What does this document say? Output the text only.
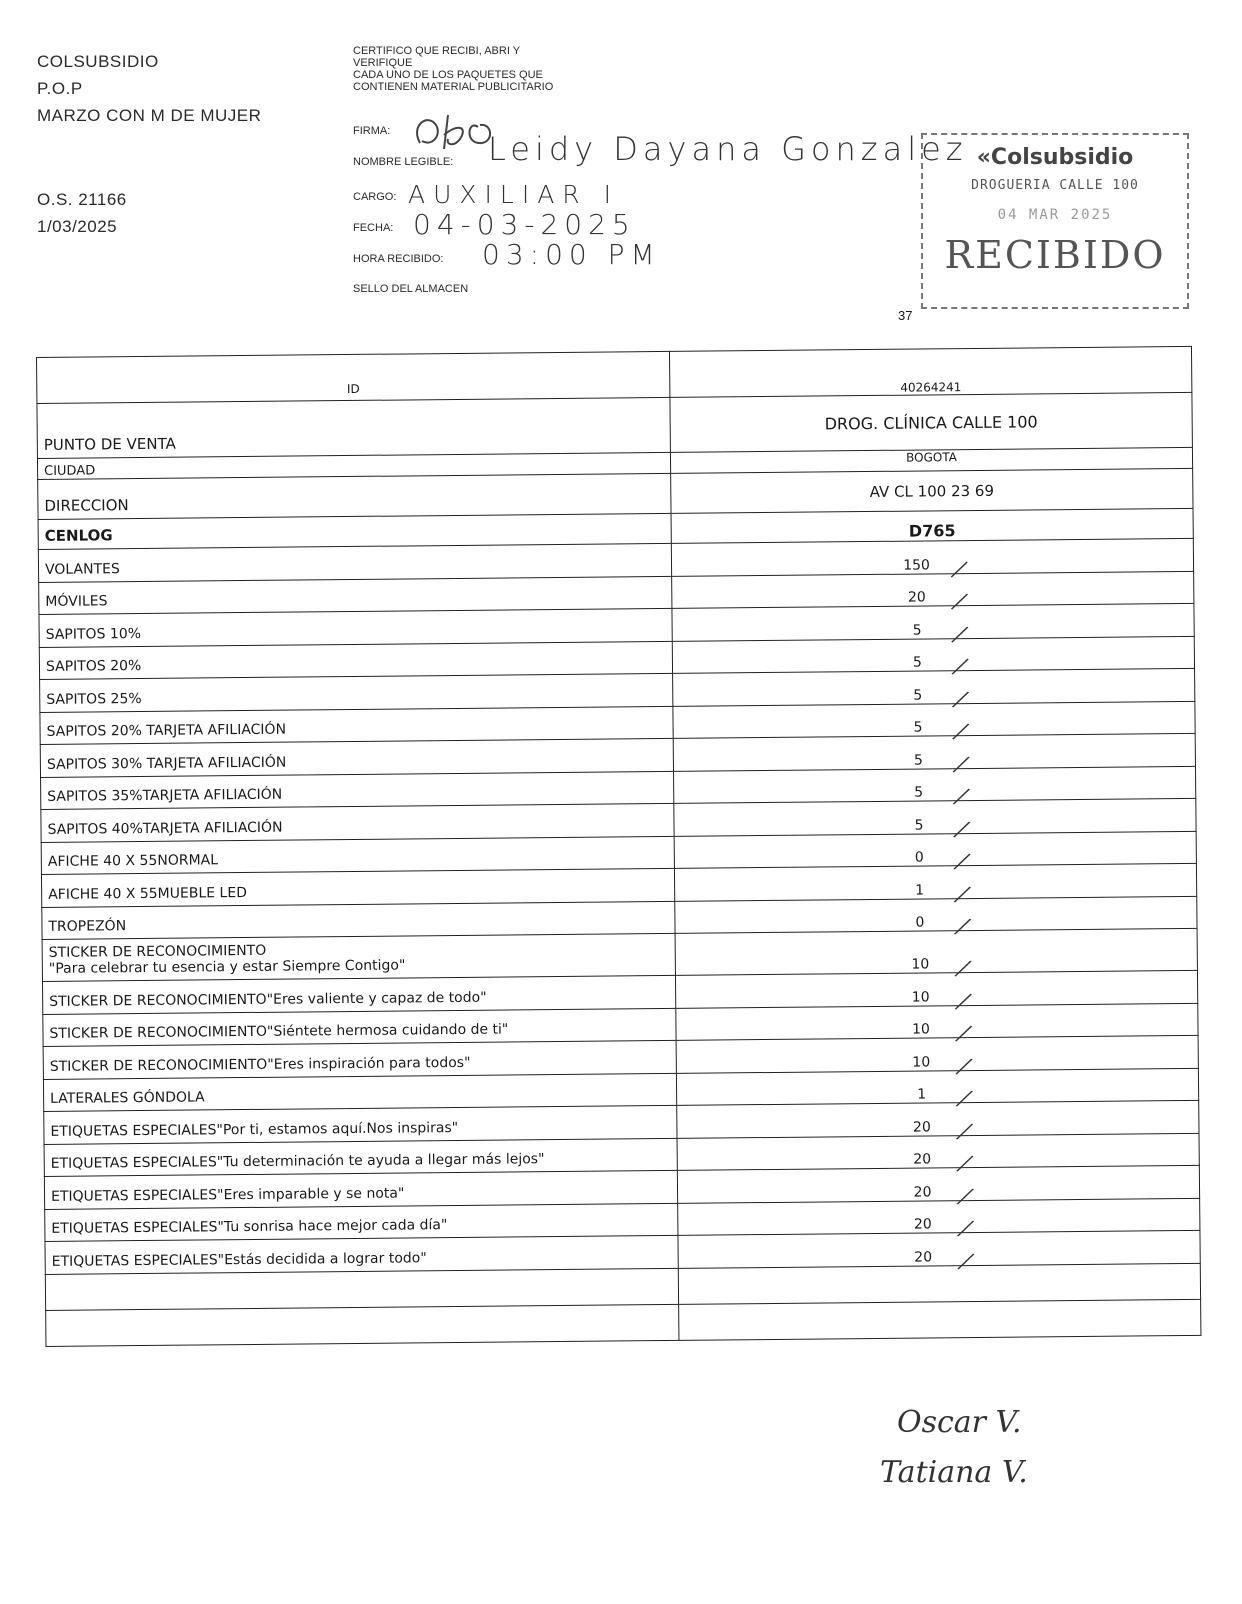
COLSUBSIDIO
P.O.P
MARZO CON M DE MUJER
O.S. 21166
1/03/2025
CERTIFICO QUE RECIBI, ABRI Y
VERIFIQUE
CADA UNO DE LOS PAQUETES QUE
CONTIENEN MATERIAL PUBLICITARIO
FIRMA:
NOMBRE LEGIBLE: Leidy Dayana Gonzalez
CARGO: AUXILIAR I
FECHA: 04-03-2025
HORA RECIBIDO: 03:00 PM
SELLO DEL ALMACEN
«Colsubsidio
DROGUERIA CALLE 100
04 MAR 2025
RECIBIDO
37
ID	40264241
PUNTO DE VENTA	DROG. CLÍNICA CALLE 100
CIUDAD	BOGOTA
DIRECCION	AV CL 100 23 69
CENLOG	D765

VOLANTES	150

MÓVILES	20

SAPITOS 10%	5

SAPITOS 20%	5

SAPITOS 25%	5

SAPITOS 20% TARJETA AFILIACIÓN	5

SAPITOS 30% TARJETA AFILIACIÓN	5

SAPITOS 35%TARJETA AFILIACIÓN	5

SAPITOS 40%TARJETA AFILIACIÓN	5

AFICHE 40 X 55NORMAL	0

AFICHE 40 X 55MUEBLE LED	1

TROPEZÓN	0

STICKER DE RECONOCIMIENTO
"Para celebrar tu esencia y estar Siempre Contigo"	10

STICKER DE RECONOCIMIENTO"Eres valiente y capaz de todo"	10

STICKER DE RECONOCIMIENTO"Siéntete hermosa cuidando de ti"	10

STICKER DE RECONOCIMIENTO"Eres inspiración para todos"	10

LATERALES GÓNDOLA	1

ETIQUETAS ESPECIALES"Por ti, estamos aquí.Nos inspiras"	20

ETIQUETAS ESPECIALES"Tu determinación te ayuda a llegar más lejos"	20

ETIQUETAS ESPECIALES"Eres imparable y se nota"	20

ETIQUETAS ESPECIALES"Tu sonrisa hace mejor cada día"	20

ETIQUETAS ESPECIALES"Estás decidida a lograr todo"	20

Oscar V.
Tatiana V.
